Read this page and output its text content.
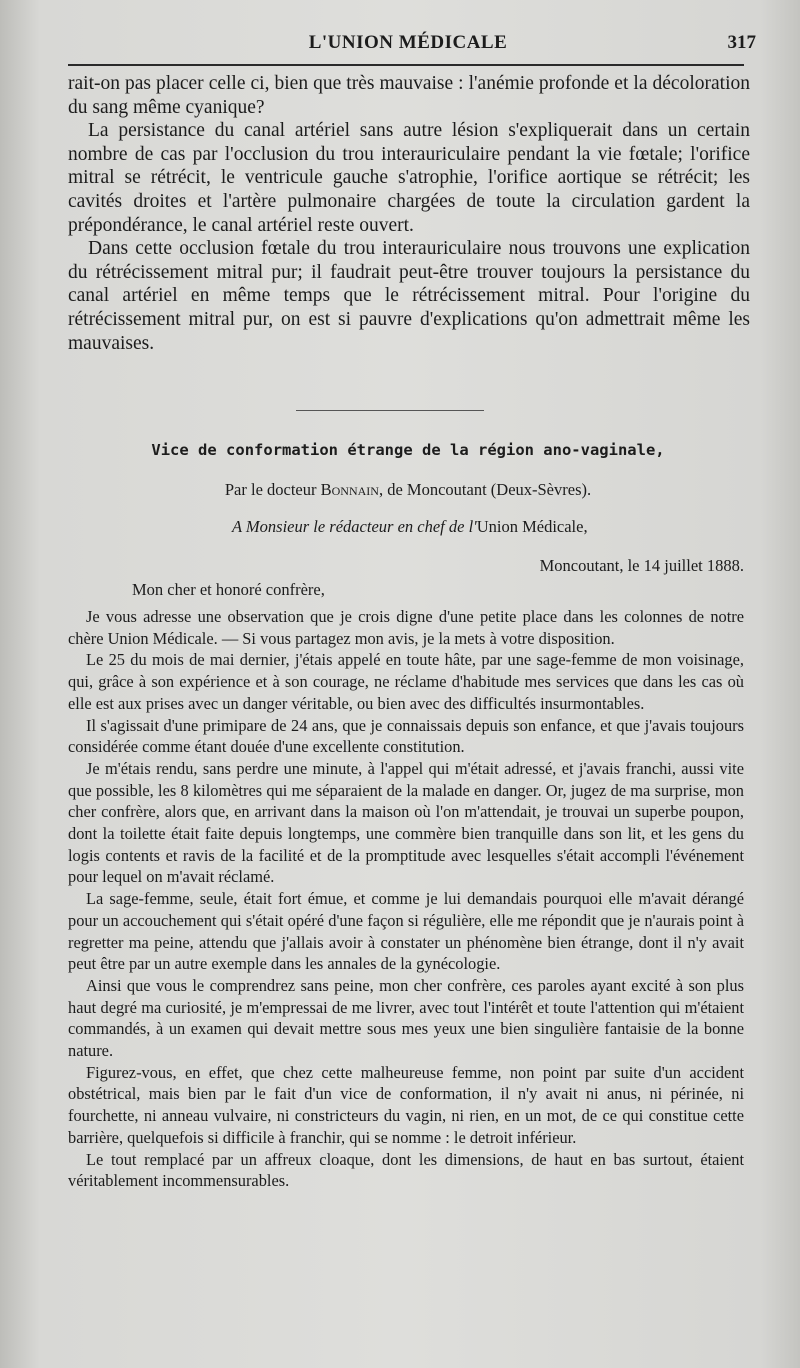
L'UNION MÉDICALE	317

rait-on pas placer celle ci, bien que très mauvaise : l'anémie profonde et la décoloration du sang même cyanique?

La persistance du canal artériel sans autre lésion s'expliquerait dans un certain nombre de cas par l'occlusion du trou interauriculaire pendant la vie fœtale; l'orifice mitral se rétrécit, le ventricule gauche s'atrophie, l'orifice aortique se rétrécit; les cavités droites et l'artère pulmonaire chargées de toute la circulation gardent la prépondérance, le canal artériel reste ouvert.

Dans cette occlusion fœtale du trou interauriculaire nous trouvons une explication du rétrécissement mitral pur; il faudrait peut-être trouver toujours la persistance du canal artériel en même temps que le rétrécissement mitral. Pour l'origine du rétrécissement mitral pur, on est si pauvre d'explications qu'on admettrait même les mauvaises.

Vice de conformation étrange de la région ano-vaginale,
Par le docteur Bonnain, de Moncoutant (Deux-Sèvres).
A Monsieur le rédacteur en chef de l'Union Médicale,
Moncoutant, le 14 juillet 1888.
Mon cher et honoré confrère,

Je vous adresse une observation que je crois digne d'une petite place dans les colonnes de notre chère Union Médicale. — Si vous partagez mon avis, je la mets à votre disposition.

Le 25 du mois de mai dernier, j'étais appelé en toute hâte, par une sage-femme de mon voisinage, qui, grâce à son expérience et à son courage, ne réclame d'habitude mes services que dans les cas où elle est aux prises avec un danger véritable, ou bien avec des difficultés insurmontables.

Il s'agissait d'une primipare de 24 ans, que je connaissais depuis son enfance, et que j'avais toujours considérée comme étant douée d'une excellente constitution.

Je m'étais rendu, sans perdre une minute, à l'appel qui m'était adressé, et j'avais franchi, aussi vite que possible, les 8 kilomètres qui me séparaient de la malade en danger. Or, jugez de ma surprise, mon cher confrère, alors que, en arrivant dans la maison où l'on m'attendait, je trouvai un superbe poupon, dont la toilette était faite depuis longtemps, une commère bien tranquille dans son lit, et les gens du logis contents et ravis de la facilité et de la promptitude avec lesquelles s'était accompli l'événement pour lequel on m'avait réclamé.

La sage-femme, seule, était fort émue, et comme je lui demandais pourquoi elle m'avait dérangé pour un accouchement qui s'était opéré d'une façon si régulière, elle me répondit que je n'aurais point à regretter ma peine, attendu que j'allais avoir à constater un phénomène bien étrange, dont il n'y avait peut être par un autre exemple dans les annales de la gynécologie.

Ainsi que vous le comprendrez sans peine, mon cher confrère, ces paroles ayant excité à son plus haut degré ma curiosité, je m'empressai de me livrer, avec tout l'intérêt et toute l'attention qui m'étaient commandés, à un examen qui devait mettre sous mes yeux une bien singulière fantaisie de la bonne nature.

Figurez-vous, en effet, que chez cette malheureuse femme, non point par suite d'un accident obstétrical, mais bien par le fait d'un vice de conformation, il n'y avait ni anus, ni périnée, ni fourchette, ni anneau vulvaire, ni constricteurs du vagin, ni rien, en un mot, de ce qui constitue cette barrière, quelquefois si difficile à franchir, qui se nomme : le detroit inférieur.

Le tout remplacé par un affreux cloaque, dont les dimensions, de haut en bas surtout, étaient véritablement incommensurables.
